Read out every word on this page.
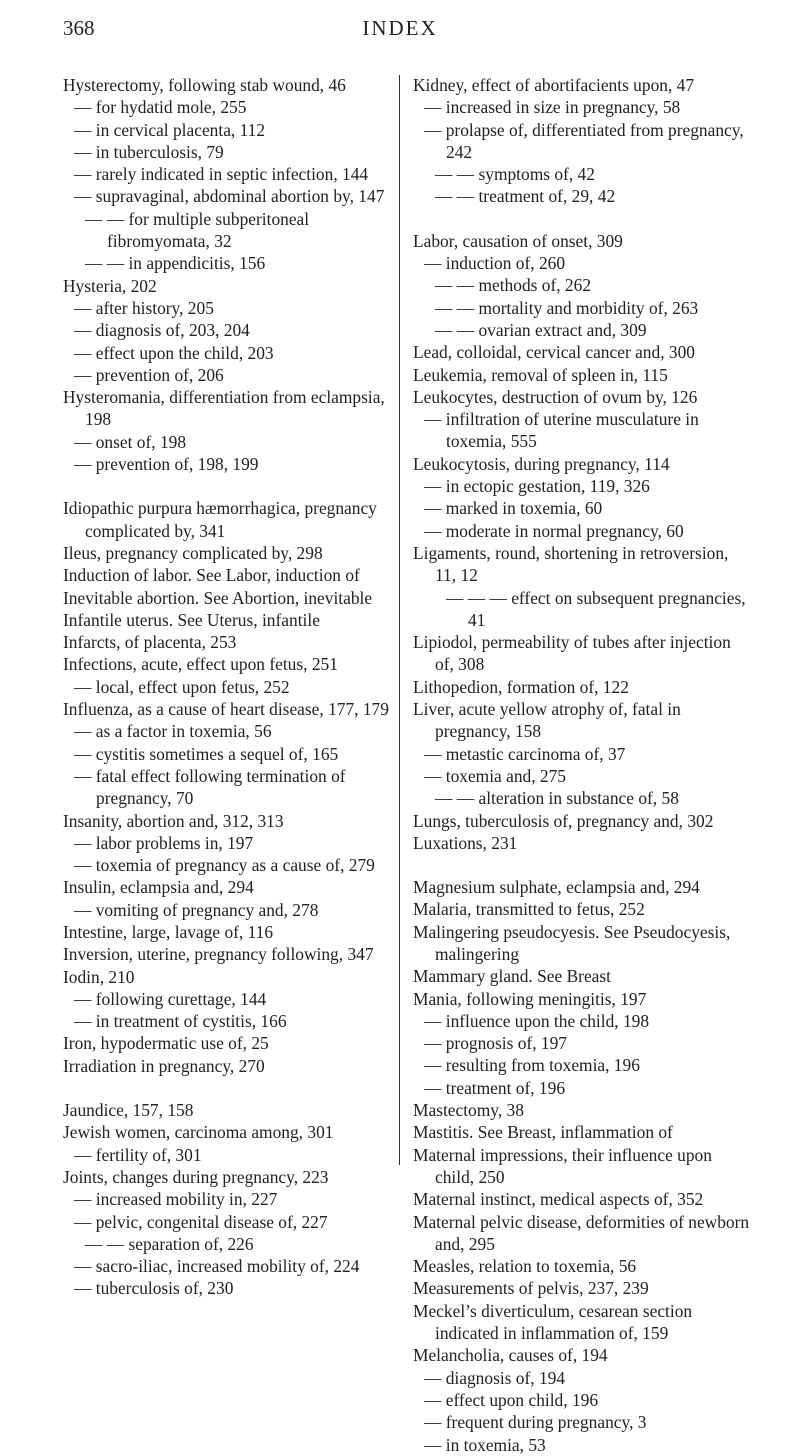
368	INDEX
Hysterectomy, following stab wound, 46
— for hydatid mole, 255
— in cervical placenta, 112
— in tuberculosis, 79
— rarely indicated in septic infection, 144
— supravaginal, abdominal abortion by, 147
— — for multiple subperitoneal fibromyomata, 32
— — in appendicitis, 156
Hysteria, 202
— after history, 205
— diagnosis of, 203, 204
— effect upon the child, 203
— prevention of, 206
Hysteromania, differentiation from eclampsia, 198
— onset of, 198
— prevention of, 198, 199
Idiopathic purpura hæmorrhagica, pregnancy complicated by, 341
Ileus, pregnancy complicated by, 298
Induction of labor. See Labor, induction of
Inevitable abortion. See Abortion, inevitable
Infantile uterus. See Uterus, infantile
Infarcts, of placenta, 253
Infections, acute, effect upon fetus, 251
— local, effect upon fetus, 252
Influenza, as a cause of heart disease, 177, 179
— as a factor in toxemia, 56
— cystitis sometimes a sequel of, 165
— fatal effect following termination of pregnancy, 70
Insanity, abortion and, 312, 313
— labor problems in, 197
— toxemia of pregnancy as a cause of, 279
Insulin, eclampsia and, 294
— vomiting of pregnancy and, 278
Intestine, large, lavage of, 116
Inversion, uterine, pregnancy following, 347
Iodin, 210
— following curettage, 144
— in treatment of cystitis, 166
Iron, hypodermatic use of, 25
Irradiation in pregnancy, 270
Jaundice, 157, 158
Jewish women, carcinoma among, 301
— fertility of, 301
Joints, changes during pregnancy, 223
— increased mobility in, 227
— pelvic, congenital disease of, 227
— — separation of, 226
— sacro-iliac, increased mobility of, 224
— tuberculosis of, 230
Kidney, effect of abortifacients upon, 47
— increased in size in pregnancy, 58
— prolapse of, differentiated from pregnancy, 242
— — symptoms of, 42
— — treatment of, 29, 42
Labor, causation of onset, 309
— induction of, 260
— — methods of, 262
— — mortality and morbidity of, 263
— — ovarian extract and, 309
Lead, colloidal, cervical cancer and, 300
Leukemia, removal of spleen in, 115
Leukocytes, destruction of ovum by, 126
— infiltration of uterine musculature in toxemia, 555
Leukocytosis, during pregnancy, 114
— in ectopic gestation, 119, 326
— marked in toxemia, 60
— moderate in normal pregnancy, 60
Ligaments, round, shortening in retroversion, 11, 12
— — — effect on subsequent pregnancies, 41
Lipiodol, permeability of tubes after injection of, 308
Lithopedion, formation of, 122
Liver, acute yellow atrophy of, fatal in pregnancy, 158
— metastic carcinoma of, 37
— toxemia and, 275
— — alteration in substance of, 58
Lungs, tuberculosis of, pregnancy and, 302
Luxations, 231
Magnesium sulphate, eclampsia and, 294
Malaria, transmitted to fetus, 252
Malingering pseudocyesis. See Pseudocyesis, malingering
Mammary gland. See Breast
Mania, following meningitis, 197
— influence upon the child, 198
— prognosis of, 197
— resulting from toxemia, 196
— treatment of, 196
Mastectomy, 38
Mastitis. See Breast, inflammation of
Maternal impressions, their influence upon child, 250
Maternal instinct, medical aspects of, 352
Maternal pelvic disease, deformities of newborn and, 295
Measles, relation to toxemia, 56
Measurements of pelvis, 237, 239
Meckel’s diverticulum, cesarean section indicated in inflammation of, 159
Melancholia, causes of, 194
— diagnosis of, 194
— effect upon child, 196
— frequent during pregnancy, 3
— in toxemia, 53
